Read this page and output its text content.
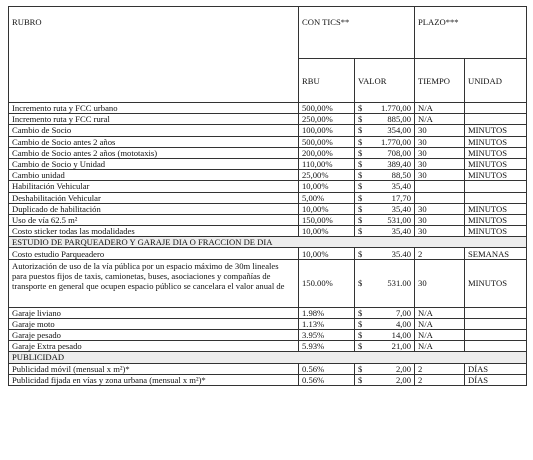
RUBRO	CON TICS**		PLAZO***	
	RBU	VALOR	TIEMPO	UNIDAD
Incremento ruta y FCC urbano	500,00%	$ 1.770,00	N/A	
Incremento ruta y FCC rural	250,00%	$ 885,00	N/A	
Cambio de Socio	100,00%	$ 354,00	30	MINUTOS
Cambio de Socio antes 2 años	500,00%	$ 1.770,00	30	MINUTOS
Cambio de Socio antes 2 años (mototaxis)	200,00%	$ 708,00	30	MINUTOS
Cambio de Socio y Unidad	110,00%	$ 389,40	30	MINUTOS
Cambio unidad	25,00%	$ 88,50	30	MINUTOS
Habilitación Vehicular	10,00%	$ 35,40		

Deshabilitación Vehicular	5,00%	$ 17,70		

Duplicado de habilitación	10,00%	$ 35,40	30	MINUTOS
Uso de vía 62.5 m²	150,00%	$ 531,00	30	MINUTOS
Costo sticker todas las modalidades	10,00%	$ 35,40	30	MINUTOS
ESTUDIO DE PARQUEADERO Y GARAJE DIA O FRACCION DE DIA				
Costo estudio Parqueadero	10,00%	$ 35.40	2	SEMANAS
Autorización de uso de la vía pública por un espacio máximo de 30m lineales para puestos fijos de taxis, camionetas, buses, asociaciones y compañías de transporte en general que ocupen espacio público se cancelara el valor anual de	150.00%	$ 531.00	30	MINUTOS
Garaje liviano	1.98%	$ 7,00	N/A	
Garaje moto	1.13%	$ 4,00	N/A	
Garaje pesado	3.95%	$ 14,00	N/A	
Garaje Extra pesado	5.93%	$ 21,00	N/A	
PUBLICIDAD				
Publicidad móvil (mensual x m²)*	0.56%	$ 2,00	2	DÍAS
Publicidad fijada en vías y zona urbana (mensual x m²)*	0.56%	$ 2,00	2	DÍAS
